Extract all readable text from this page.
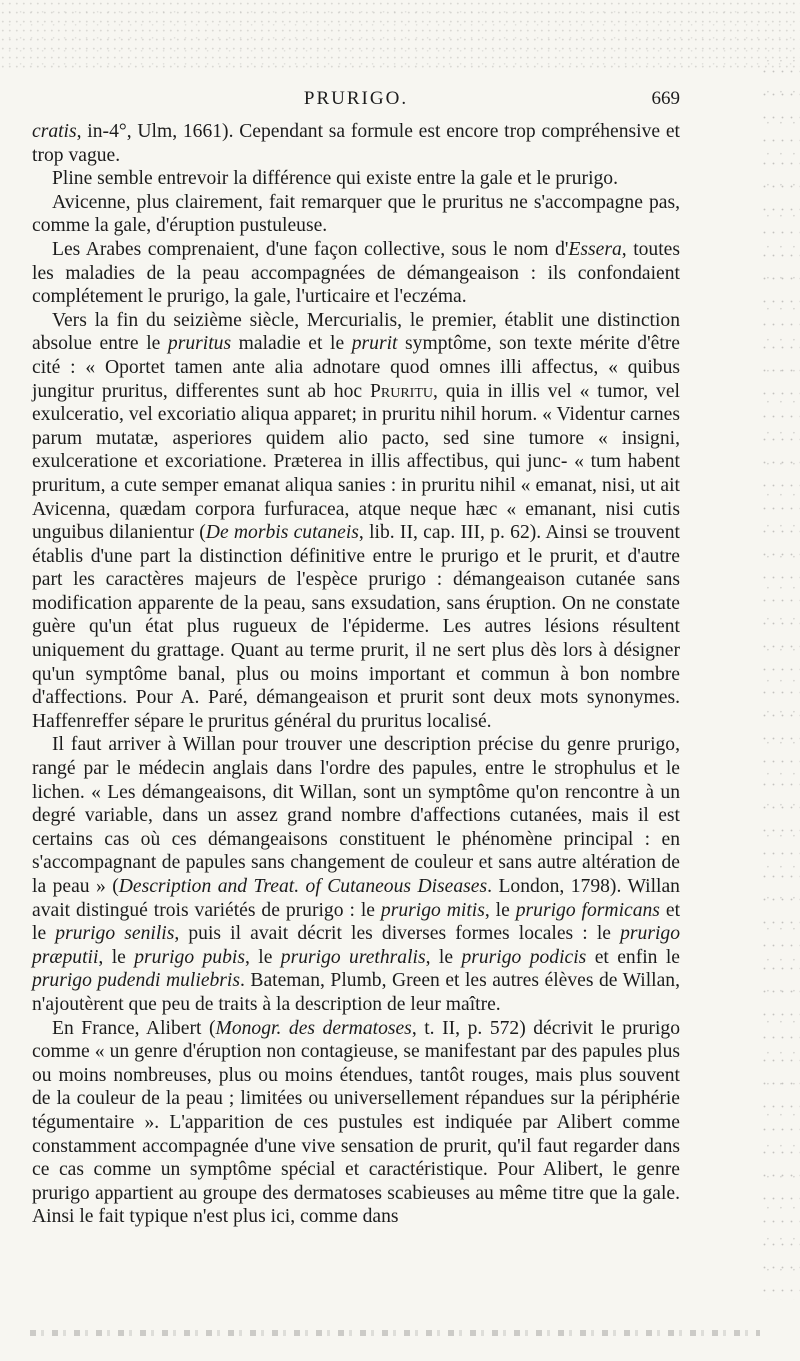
PRURIGO.	669

cratis, in-4°, Ulm, 1661). Cependant sa formule est encore trop compréhensive et trop vague.

Pline semble entrevoir la différence qui existe entre la gale et le prurigo.

Avicenne, plus clairement, fait remarquer que le pruritus ne s'accompagne pas, comme la gale, d'éruption pustuleuse.

Les Arabes comprenaient, d'une façon collective, sous le nom d'Essera, toutes les maladies de la peau accompagnées de démangeaison : ils confondaient complétement le prurigo, la gale, l'urticaire et l'eczéma.

Vers la fin du seizième siècle, Mercurialis, le premier, établit une distinction absolue entre le pruritus maladie et le prurit symptôme, son texte mérite d'être cité : « Oportet tamen ante alia adnotare quod omnes illi affectus, « quibus jungitur pruritus, differentes sunt ab hoc Pruritu, quia in illis vel « tumor, vel exulceratio, vel excoriatio aliqua apparet; in pruritu nihil horum. « Videntur carnes parum mutatæ, asperiores quidem alio pacto, sed sine tumore « insigni, exulceratione et excoriatione. Præterea in illis affectibus, qui junc- « tum habent pruritum, a cute semper emanat aliqua sanies : in pruritu nihil « emanat, nisi, ut ait Avicenna, quædam corpora furfuracea, atque neque hæc « emanant, nisi cutis unguibus dilanientur (De morbis cutaneis, lib. II, cap. III, p. 62). Ainsi se trouvent établis d'une part la distinction définitive entre le prurigo et le prurit, et d'autre part les caractères majeurs de l'espèce prurigo : démangeaison cutanée sans modification apparente de la peau, sans exsudation, sans éruption. On ne constate guère qu'un état plus rugueux de l'épiderme. Les autres lésions résultent uniquement du grattage. Quant au terme prurit, il ne sert plus dès lors à désigner qu'un symptôme banal, plus ou moins important et commun à bon nombre d'affections. Pour A. Paré, démangeaison et prurit sont deux mots synonymes. Haffenreffer sépare le pruritus général du pruritus localisé.

Il faut arriver à Willan pour trouver une description précise du genre prurigo, rangé par le médecin anglais dans l'ordre des papules, entre le strophulus et le lichen. « Les démangeaisons, dit Willan, sont un symptôme qu'on rencontre à un degré variable, dans un assez grand nombre d'affections cutanées, mais il est certains cas où ces démangeaisons constituent le phénomène principal : en s'accompagnant de papules sans changement de couleur et sans autre altération de la peau » (Description and Treat. of Cutaneous Diseases. London, 1798). Willan avait distingué trois variétés de prurigo : le prurigo mitis, le prurigo formicans et le prurigo senilis, puis il avait décrit les diverses formes locales : le prurigo præputii, le prurigo pubis, le prurigo urethralis, le prurigo podicis et enfin le prurigo pudendi muliebris. Bateman, Plumb, Green et les autres élèves de Willan, n'ajoutèrent que peu de traits à la description de leur maître.

En France, Alibert (Monogr. des dermatoses, t. II, p. 572) décrivit le prurigo comme « un genre d'éruption non contagieuse, se manifestant par des papules plus ou moins nombreuses, plus ou moins étendues, tantôt rouges, mais plus souvent de la couleur de la peau ; limitées ou universellement répandues sur la périphérie tégumentaire ». L'apparition de ces pustules est indiquée par Alibert comme constamment accompagnée d'une vive sensation de prurit, qu'il faut regarder dans ce cas comme un symptôme spécial et caractéristique. Pour Alibert, le genre prurigo appartient au groupe des dermatoses scabieuses au même titre que la gale. Ainsi le fait typique n'est plus ici, comme dans
